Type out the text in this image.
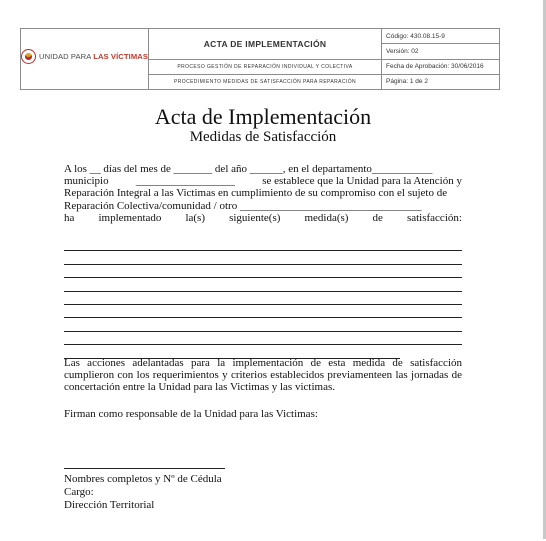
UNIDAD PARA LAS VÍCTIMAS	ACTA DE IMPLEMENTACIÓN	Código: 430.08.15-9
		Versión: 02
	PROCESO GESTIÓN DE REPARACIÓN INDIVIDUAL Y COLECTIVA	Fecha de Aprobación: 30/06/2016
	PROCEDIMIENTO MEDIDAS DE SATISFACCIÓN PARA REPARACIÓN	Página: 1 de 2
Acta de Implementación
Medidas de Satisfacción
A los __ días del mes de _______ del año ______, en el departamento___________
municipio __________________ se establece que la Unidad para la Atención y
Reparación Integral a las Victimas en cumplimiento de su compromiso con el sujeto de
Reparación Colectiva/comunidad / otro _________________________________
ha implementado la(s) siguiente(s) medida(s) de satisfacción:
Las acciones adelantadas para la implementación de esta medida de satisfacción cumplieron con los requerimientos y criterios establecidos previamenteen las jornadas de concertación entre la Unidad para las Victimas y las victimas.
Firman como responsable de la Unidad para las Victimas:
Nombres completos y Nº de Cédula
Cargo:
Dirección Territorial
